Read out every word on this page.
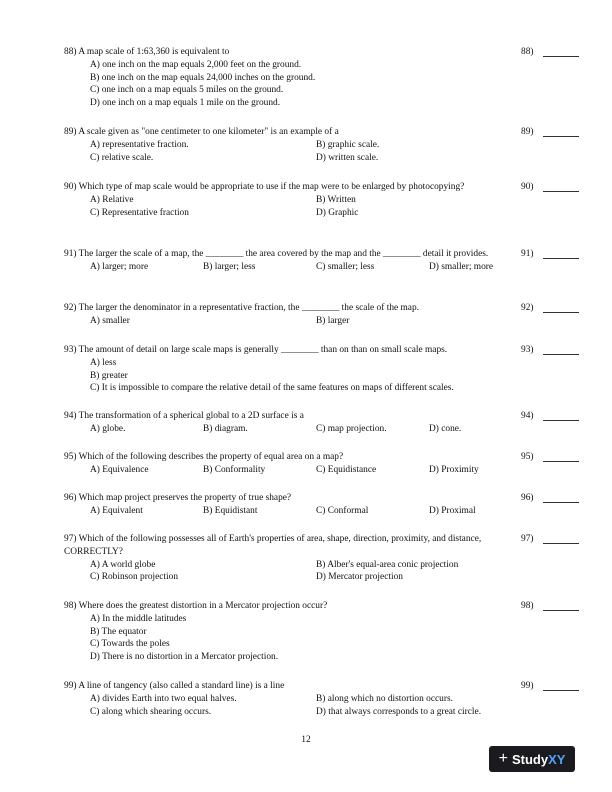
88) A map scale of 1:63,360 is equivalent to
A) one inch on the map equals 2,000 feet on the ground.
B) one inch on the map equals 24,000 inches on the ground.
C) one inch on a map equals 5 miles on the ground.
D) one inch on a map equals 1 mile on the ground.
88)
89) A scale given as "one centimeter to one kilometer" is an example of a
A) representative fraction.	B) graphic scale.
C) relative scale.	D) written scale.
89)
90) Which type of map scale would be appropriate to use if the map were to be enlarged by photocopying?
A) Relative	B) Written
C) Representative fraction	D) Graphic
90)
91) The larger the scale of a map, the ________ the area covered by the map and the ________ detail it provides.
A) larger; more	B) larger; less	C) smaller; less	D) smaller; more
91)
92) The larger the denominator in a representative fraction, the ________ the scale of the map.
A) smaller	B) larger
92)
93) The amount of detail on large scale maps is generally ________ than on than on small scale maps.
A) less
B) greater
C) It is impossible to compare the relative detail of the same features on maps of different scales.
93)
94) The transformation of a spherical global to a 2D surface is a
A) globe.	B) diagram.	C) map projection.	D) cone.
94)
95) Which of the following describes the property of equal area on a map?
A) Equivalence	B) Conformality	C) Equidistance	D) Proximity
95)
96) Which map project preserves the property of true shape?
A) Equivalent	B) Equidistant	C) Conformal	D) Proximal
96)
97) Which of the following possesses all of Earth's properties of area, shape, direction, proximity, and distance, CORRECTLY?
A) A world globe	B) Alber's equal-area conic projection
C) Robinson projection	D) Mercator projection
97)
98) Where does the greatest distortion in a Mercator projection occur?
A) In the middle latitudes
B) The equator
C) Towards the poles
D) There is no distortion in a Mercator projection.
98)
99) A line of tangency (also called a standard line) is a line
A) divides Earth into two equal halves.	B) along which no distortion occurs.
C) along which shearing occurs.	D) that always corresponds to a great circle.
99)
12
+ Study XY
